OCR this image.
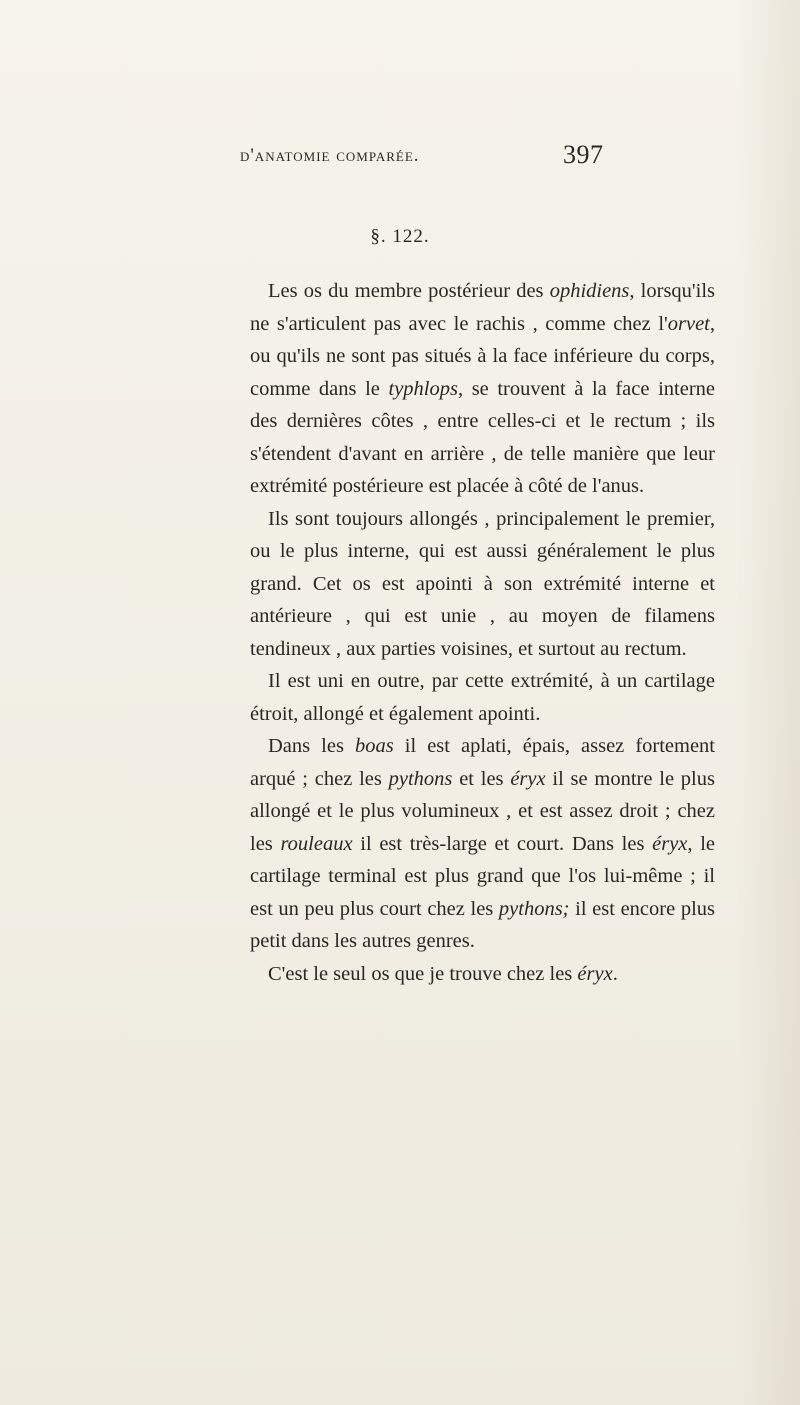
d'anatomie comparée.	397
§. 122.

Les os du membre postérieur des ophidiens, lorsqu'ils ne s'articulent pas avec le rachis , comme chez l'orvet, ou qu'ils ne sont pas situés à la face inférieure du corps, comme dans le typhlops, se trouvent à la face interne des dernières côtes , entre celles-ci et le rectum ; ils s'étendent d'avant en arrière , de telle manière que leur extrémité postérieure est placée à côté de l'anus.

Ils sont toujours allongés , principalement le premier, ou le plus interne, qui est aussi généralement le plus grand. Cet os est apointi à son extrémité interne et antérieure , qui est unie , au moyen de filamens tendineux , aux parties voisines, et surtout au rectum.

Il est uni en outre, par cette extrémité, à un cartilage étroit, allongé et également apointi.

Dans les boas il est aplati, épais, assez fortement arqué ; chez les pythons et les éryx il se montre le plus allongé et le plus volumineux , et est assez droit ; chez les rouleaux il est très-large et court. Dans les éryx, le cartilage terminal est plus grand que l'os lui-même ; il est un peu plus court chez les pythons; il est encore plus petit dans les autres genres.

C'est le seul os que je trouve chez les éryx.
